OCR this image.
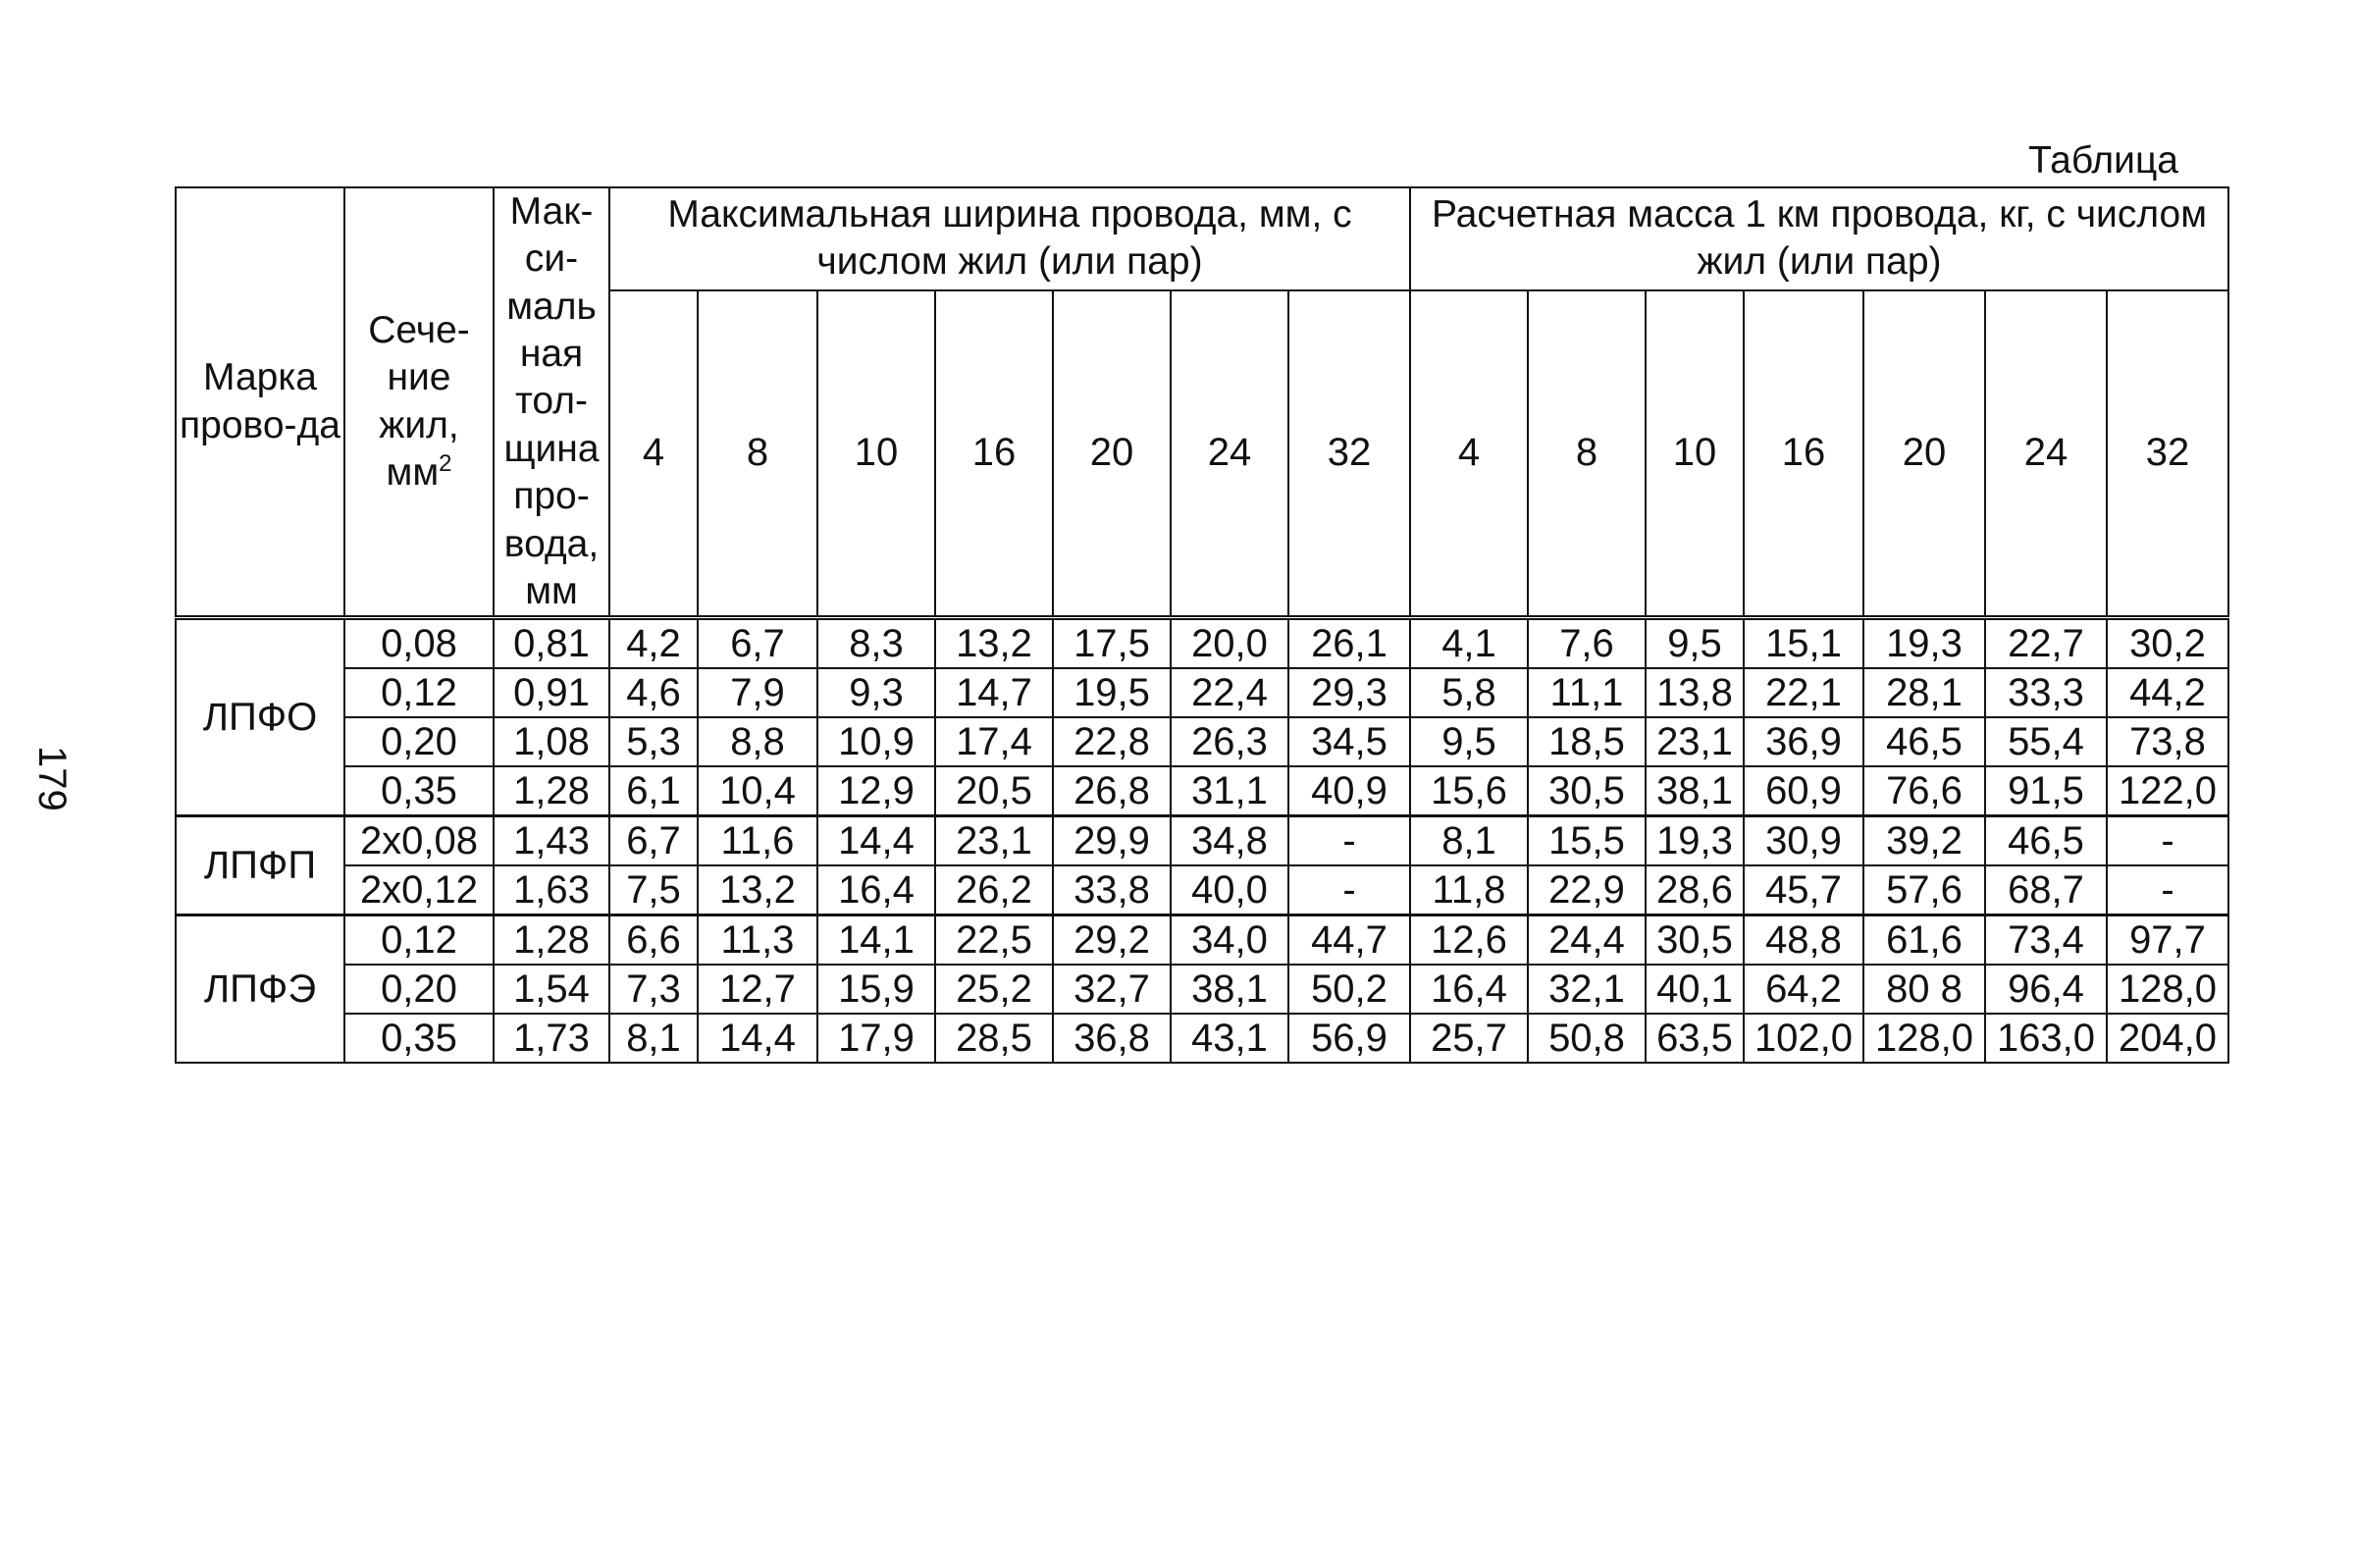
179
Таблица
Марка прово-да	Сече-ние жил, $мм^2$	Мак-си-маль ная тол-щина про-вода, мм	Максимальная ширина провода, мм, с числом жил (или пар)							Расчетная масса 1 км провода, кг, с числом жил (или пар)						
			4	8	10	16	20	24	32	4	8	10	16	20	24	32
ЛПФО	0,08	0,81	4,2	6,7	8,3	13,2	17,5	20,0	26,1	4,1	7,6	9,5	15,1	19,3	22,7	30,2
	0,12	0,91	4,6	7,9	9,3	14,7	19,5	22,4	29,3	5,8	11,1	13,8	22,1	28,1	33,3	44,2
	0,20	1,08	5,3	8,8	10,9	17,4	22,8	26,3	34,5	9,5	18,5	23,1	36,9	46,5	55,4	73,8
	0,35	1,28	6,1	10,4	12,9	20,5	26,8	31,1	40,9	15,6	30,5	38,1	60,9	76,6	91,5	122,0
ЛПФП	2х0,08	1,43	6,7	11,6	14,4	23,1	29,9	34,8	-	8,1	15,5	19,3	30,9	39,2	46,5	-
	2х0,12	1,63	7,5	13,2	16,4	26,2	33,8	40,0	-	11,8	22,9	28,6	45,7	57,6	68,7	-
ЛПФЭ	0,12	1,28	6,6	11,3	14,1	22,5	29,2	34,0	44,7	12,6	24,4	30,5	48,8	61,6	73,4	97,7
	0,20	1,54	7,3	12,7	15,9	25,2	32,7	38,1	50,2	16,4	32,1	40,1	64,2	80 8	96,4	128,0
	0,35	1,73	8,1	14,4	17,9	28,5	36,8	43,1	56,9	25,7	50,8	63,5	102,0	128,0	163,0	204,0
